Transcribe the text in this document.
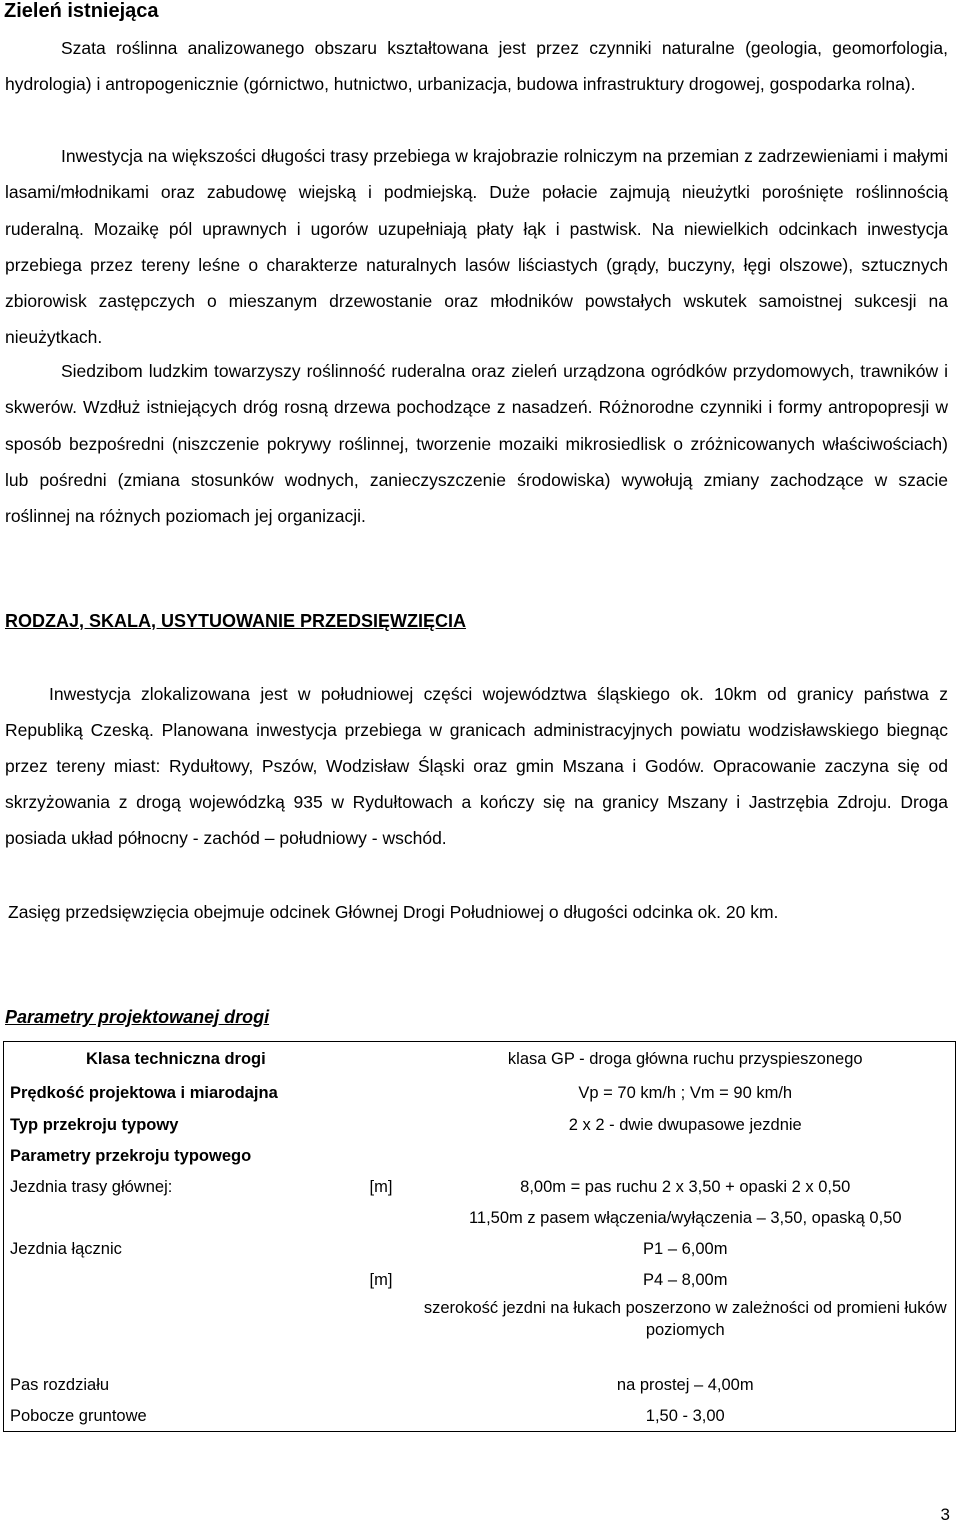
Zieleń istniejąca

Szata roślinna analizowanego obszaru kształtowana jest przez czynniki naturalne (geologia, geomorfologia, hydrologia) i antropogenicznie (górnictwo, hutnictwo, urbanizacja, budowa infrastruktury drogowej, gospodarka rolna).

Inwestycja na większości długości trasy przebiega w krajobrazie rolniczym na przemian z zadrzewieniami i małymi lasami/młodnikami oraz zabudowę wiejską i podmiejską. Duże połacie zajmują nieużytki porośnięte roślinnością ruderalną. Mozaikę pól uprawnych i ugorów uzupełniają płaty łąk i pastwisk. Na niewielkich odcinkach inwestycja przebiega przez tereny leśne o charakterze naturalnych lasów liściastych (grądy, buczyny, łęgi olszowe), sztucznych zbiorowisk zastępczych o mieszanym drzewostanie oraz młodników powstałych wskutek samoistnej sukcesji na nieużytkach.

Siedzibom ludzkim towarzyszy roślinność ruderalna oraz zieleń urządzona ogródków przydomowych, trawników i skwerów. Wzdłuż istniejących dróg rosną drzewa pochodzące z nasadzeń. Różnorodne czynniki i formy antropopresji w sposób bezpośredni (niszczenie pokrywy roślinnej, tworzenie mozaiki mikrosiedlisk o zróżnicowanych właściwościach) lub pośredni (zmiana stosunków wodnych, zanieczyszczenie środowiska) wywołują zmiany zachodzące w szacie roślinnej na różnych poziomach jej organizacji.

RODZAJ, SKALA, USYTUOWANIE PRZEDSIĘWZIĘCIA

Inwestycja zlokalizowana jest w południowej części województwa śląskiego ok. 10km od granicy państwa z Republiką Czeską. Planowana inwestycja przebiega w granicach administracyjnych powiatu wodzisławskiego biegnąc przez tereny miast: Rydułtowy, Pszów, Wodzisław Śląski oraz gmin Mszana i Godów. Opracowanie zaczyna się od skrzyżowania z drogą wojewódzką 935 w Rydułtowach a kończy się na granicy Mszany i Jastrzębia Zdroju. Droga posiada układ północny - zachód – południowy - wschód.

Zasięg przedsięwzięcia obejmuje odcinek Głównej Drogi Południowej o długości odcinka ok. 20 km.
Parametry projektowanej drogi
Klasa techniczna drogi		klasa GP - droga główna ruchu przyspieszonego
Prędkość projektowa i miarodajna		Vp = 70 km/h ; Vm = 90 km/h
Typ przekroju typowy		2 x 2 - dwie dwupasowe jezdnie
Parametry przekroju typowego		
Jezdnia trasy głównej:	[m]	8,00m = pas ruchu 2 x 3,50 + opaski 2 x 0,50
		11,50m z pasem włączenia/wyłączenia – 3,50, opaską 0,50
Jezdnia łącznic		P1 – 6,00m
	[m]	P4 – 8,00m
		szerokość jezdni na łukach poszerzono w zależności od promieni łuków poziomych

Pas rozdziału		na prostej – 4,00m
Pobocze gruntowe		1,50 - 3,00
3
